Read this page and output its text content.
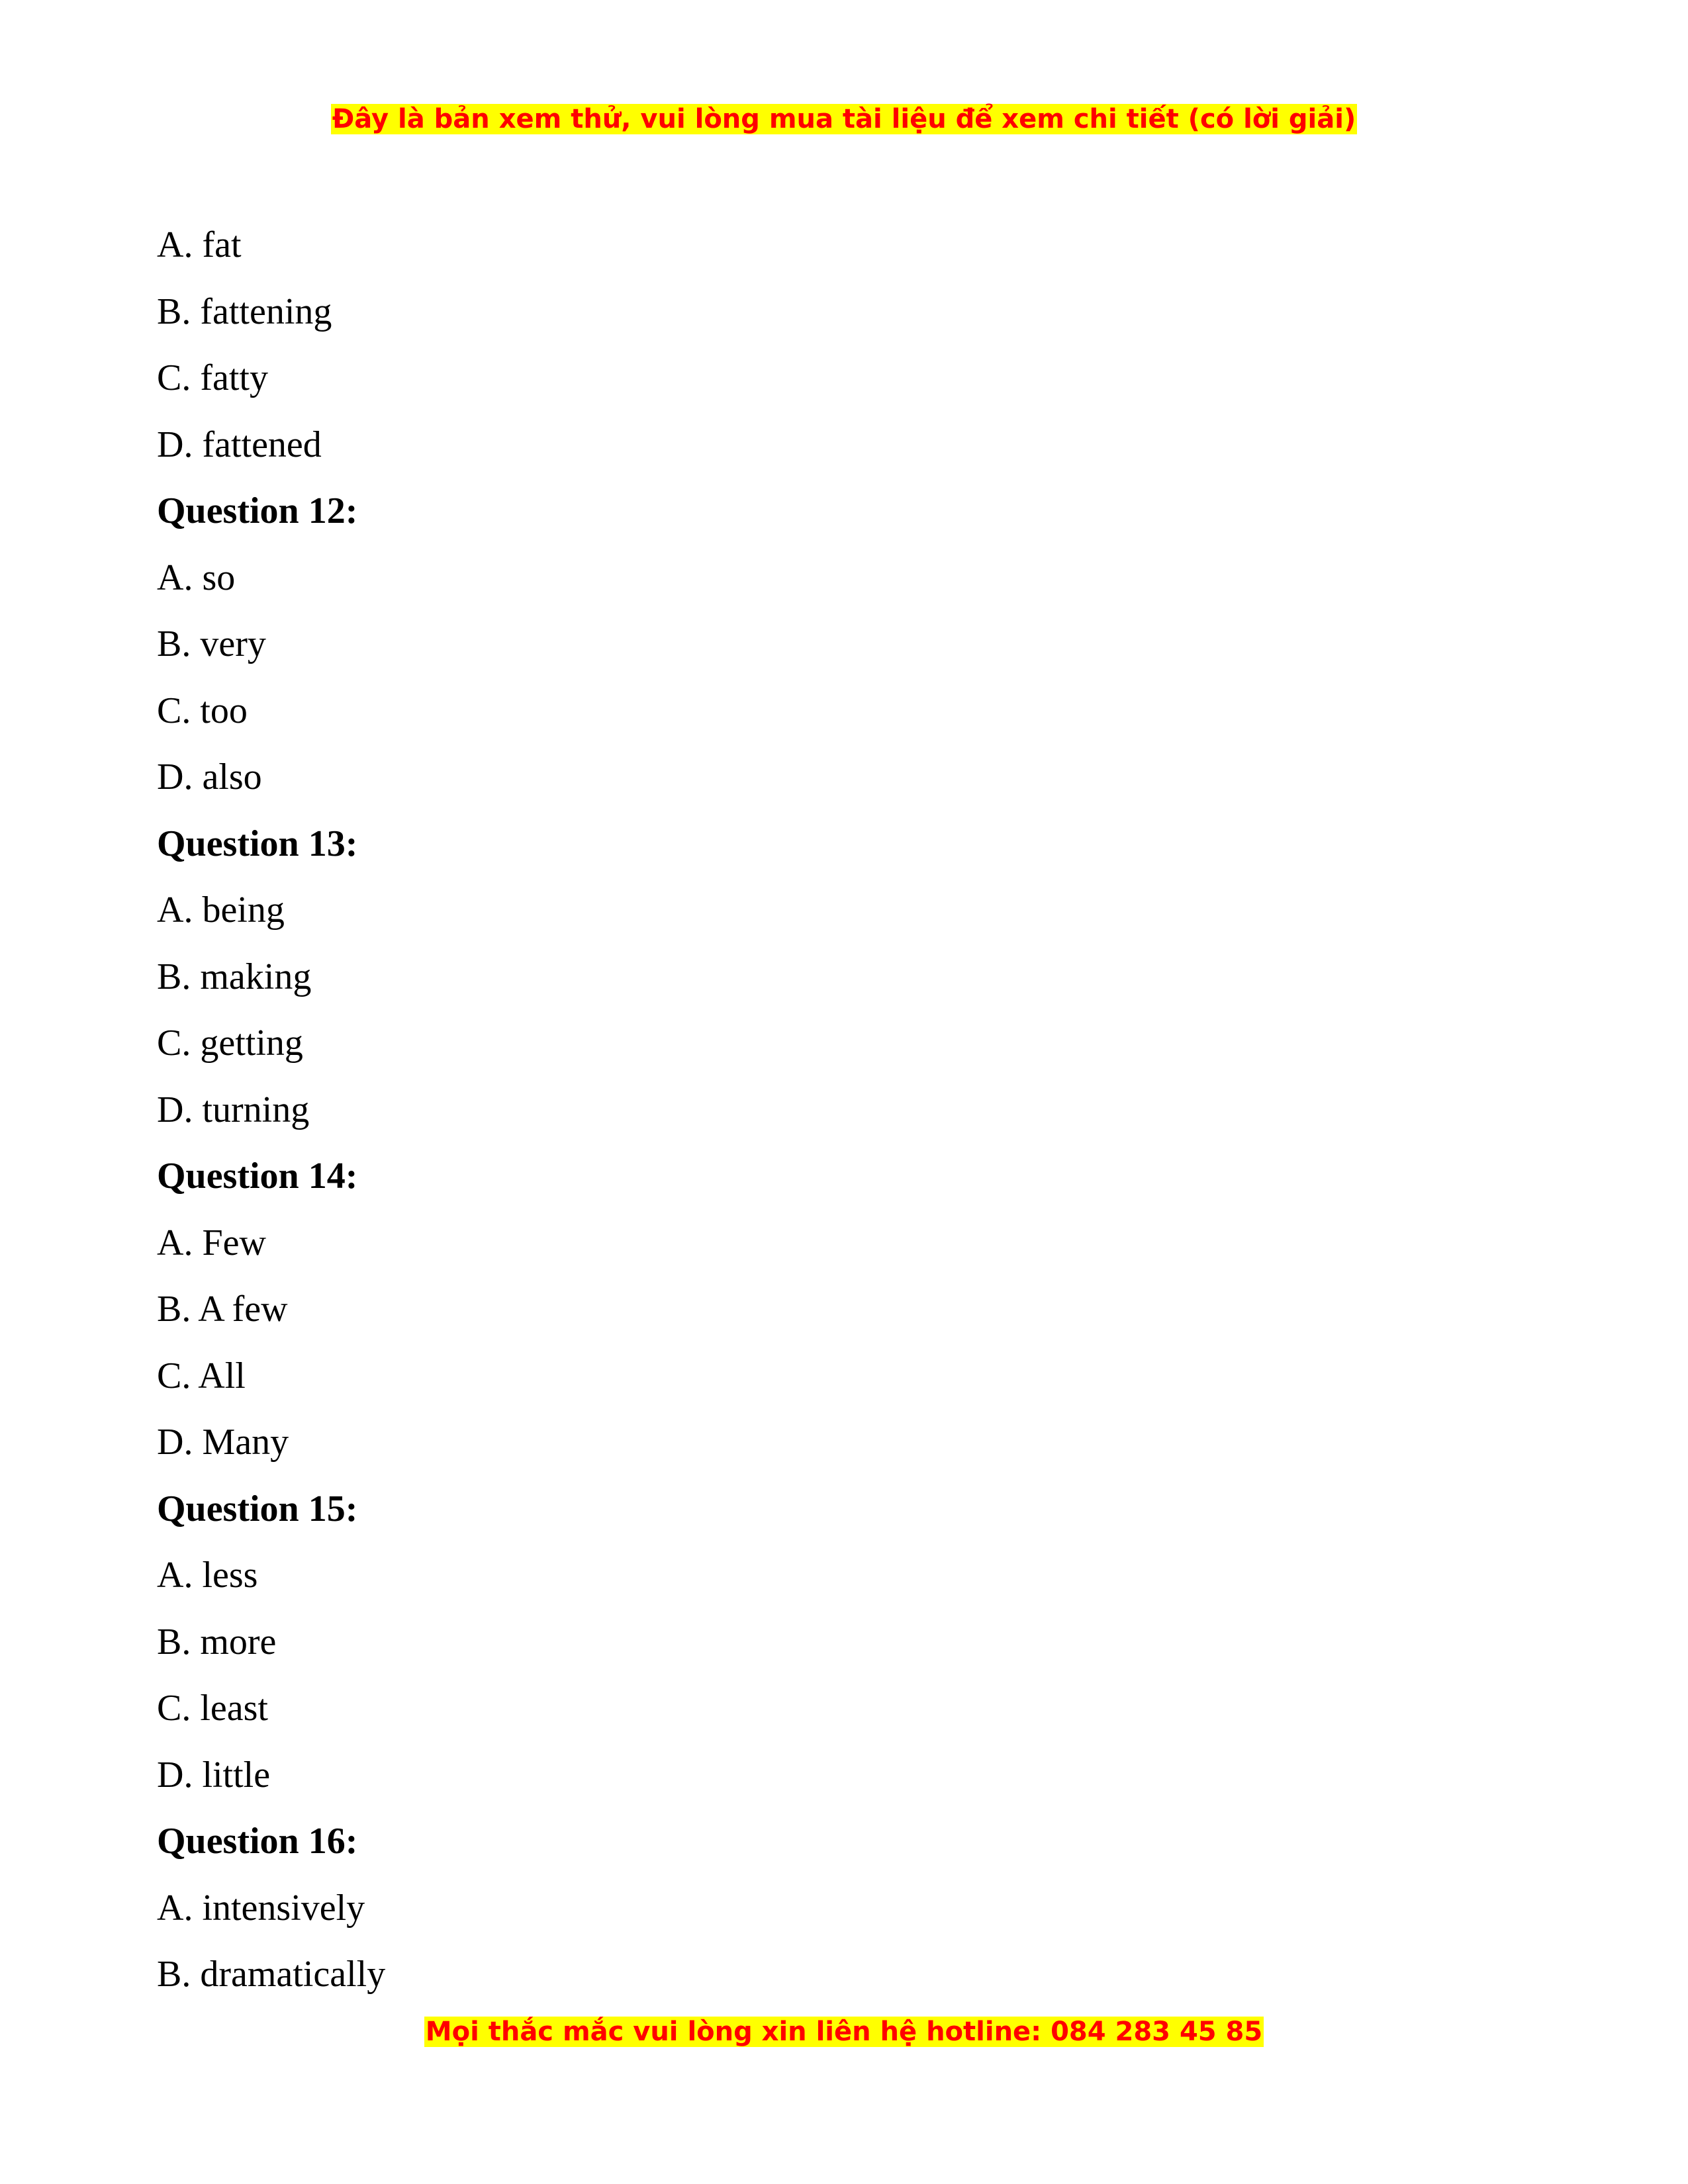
Đây là bản xem thử, vui lòng mua tài liệu để xem chi tiết (có lời giải)
A. fat
B. fattening
C. fatty
D. fattened
Question 12:
A. so
B. very
C. too
D. also
Question 13:
A. being
B. making
C. getting
D. turning
Question 14:
A. Few
B. A few
C. All
D. Many
Question 15:
A. less
B. more
C. least
D. little
Question 16:
A. intensively
B. dramatically
Mọi thắc mắc vui lòng xin liên hệ hotline: 084 283 45 85
